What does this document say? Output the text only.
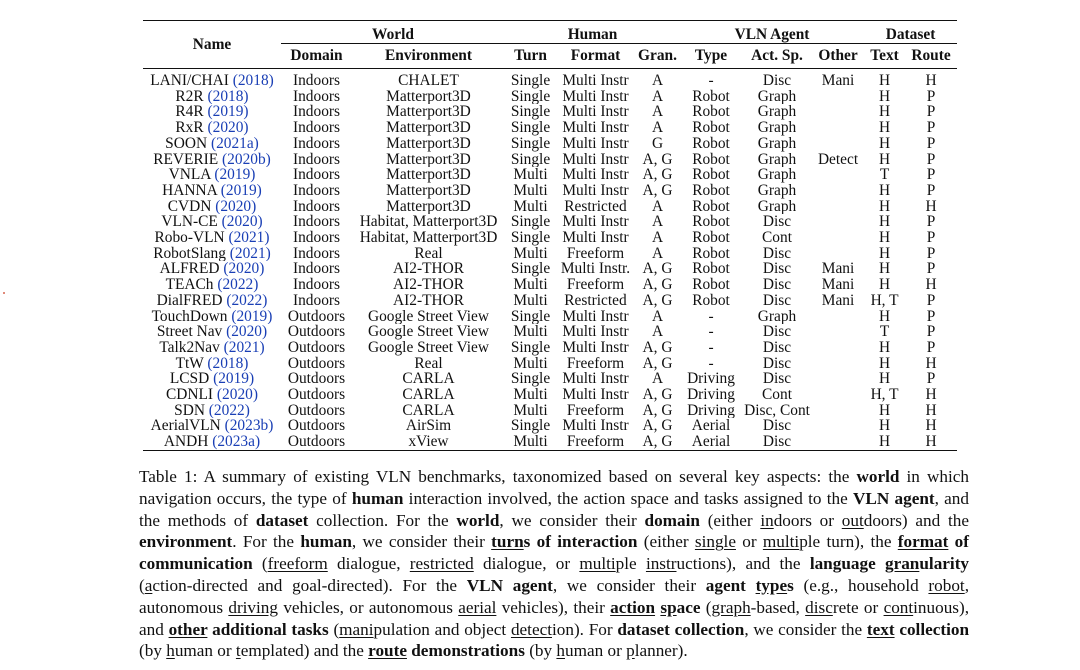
Name	World		Human			VLN Agent			Dataset	
	Domain	Environment	Turn	Format	Gran.	Type	Act. Sp.	Other	Text	Route
LANI/CHAI (2018)	Indoors	CHALET	Single	Multi Instr	A	-	Disc	Mani	H	H
R2R (2018)	Indoors	Matterport3D	Single	Multi Instr	A	Robot	Graph		H	P
R4R (2019)	Indoors	Matterport3D	Single	Multi Instr	A	Robot	Graph		H	P
RxR (2020)	Indoors	Matterport3D	Single	Multi Instr	A	Robot	Graph		H	P
SOON (2021a)	Indoors	Matterport3D	Single	Multi Instr	G	Robot	Graph		H	P
REVERIE (2020b)	Indoors	Matterport3D	Single	Multi Instr	A, G	Robot	Graph	Detect	H	P
VNLA (2019)	Indoors	Matterport3D	Multi	Multi Instr	A, G	Robot	Graph		T	P
HANNA (2019)	Indoors	Matterport3D	Multi	Multi Instr	A, G	Robot	Graph		H	P
CVDN (2020)	Indoors	Matterport3D	Multi	Restricted	A	Robot	Graph		H	H
VLN-CE (2020)	Indoors	Habitat, Matterport3D	Single	Multi Instr	A	Robot	Disc		H	P
Robo-VLN (2021)	Indoors	Habitat, Matterport3D	Single	Multi Instr	A	Robot	Cont		H	P
RobotSlang (2021)	Indoors	Real	Multi	Freeform	A	Robot	Disc		H	P
ALFRED (2020)	Indoors	AI2-THOR	Single	Multi Instr.	A, G	Robot	Disc	Mani	H	P
TEACh (2022)	Indoors	AI2-THOR	Multi	Freeform	A, G	Robot	Disc	Mani	H	H
DialFRED (2022)	Indoors	AI2-THOR	Multi	Restricted	A, G	Robot	Disc	Mani	H, T	P
TouchDown (2019)	Outdoors	Google Street View	Single	Multi Instr	A	-	Graph		H	P
Street Nav (2020)	Outdoors	Google Street View	Multi	Multi Instr	A	-	Disc		T	P
Talk2Nav (2021)	Outdoors	Google Street View	Single	Multi Instr	A, G	-	Disc		H	P
TtW (2018)	Outdoors	Real	Multi	Freeform	A, G	-	Disc		H	H
LCSD (2019)	Outdoors	CARLA	Single	Multi Instr	A	Driving	Disc		H	P
CDNLI (2020)	Outdoors	CARLA	Multi	Multi Instr	A, G	Driving	Cont		H, T	H
SDN (2022)	Outdoors	CARLA	Multi	Freeform	A, G	Driving	Disc, Cont		H	H
AerialVLN (2023b)	Outdoors	AirSim	Single	Multi Instr	A, G	Aerial	Disc		H	H
ANDH (2023a)	Outdoors	xView	Multi	Freeform	A, G	Aerial	Disc		H	H
Table 1: A summary of existing VLN benchmarks, taxonomized based on several key aspects: the world in which navigation occurs, the type of human interaction involved, the action space and tasks assigned to the VLN agent, and the methods of dataset collection. For the world, we consider their domain (either indoors or outdoors) and the environment. For the human, we consider their turns of interaction (either single or multiple turn), the format of communication (freeform dialogue, restricted dialogue, or multiple instructions), and the language granularity (action-directed and goal-directed). For the VLN agent, we consider their agent types (e.g., household robot, autonomous driving vehicles, or autonomous aerial vehicles), their action space (graph-based, discrete or continuous), and other additional tasks (manipulation and object detection). For dataset collection, we consider the text collection (by human or templated) and the route demonstrations (by human or planner).
